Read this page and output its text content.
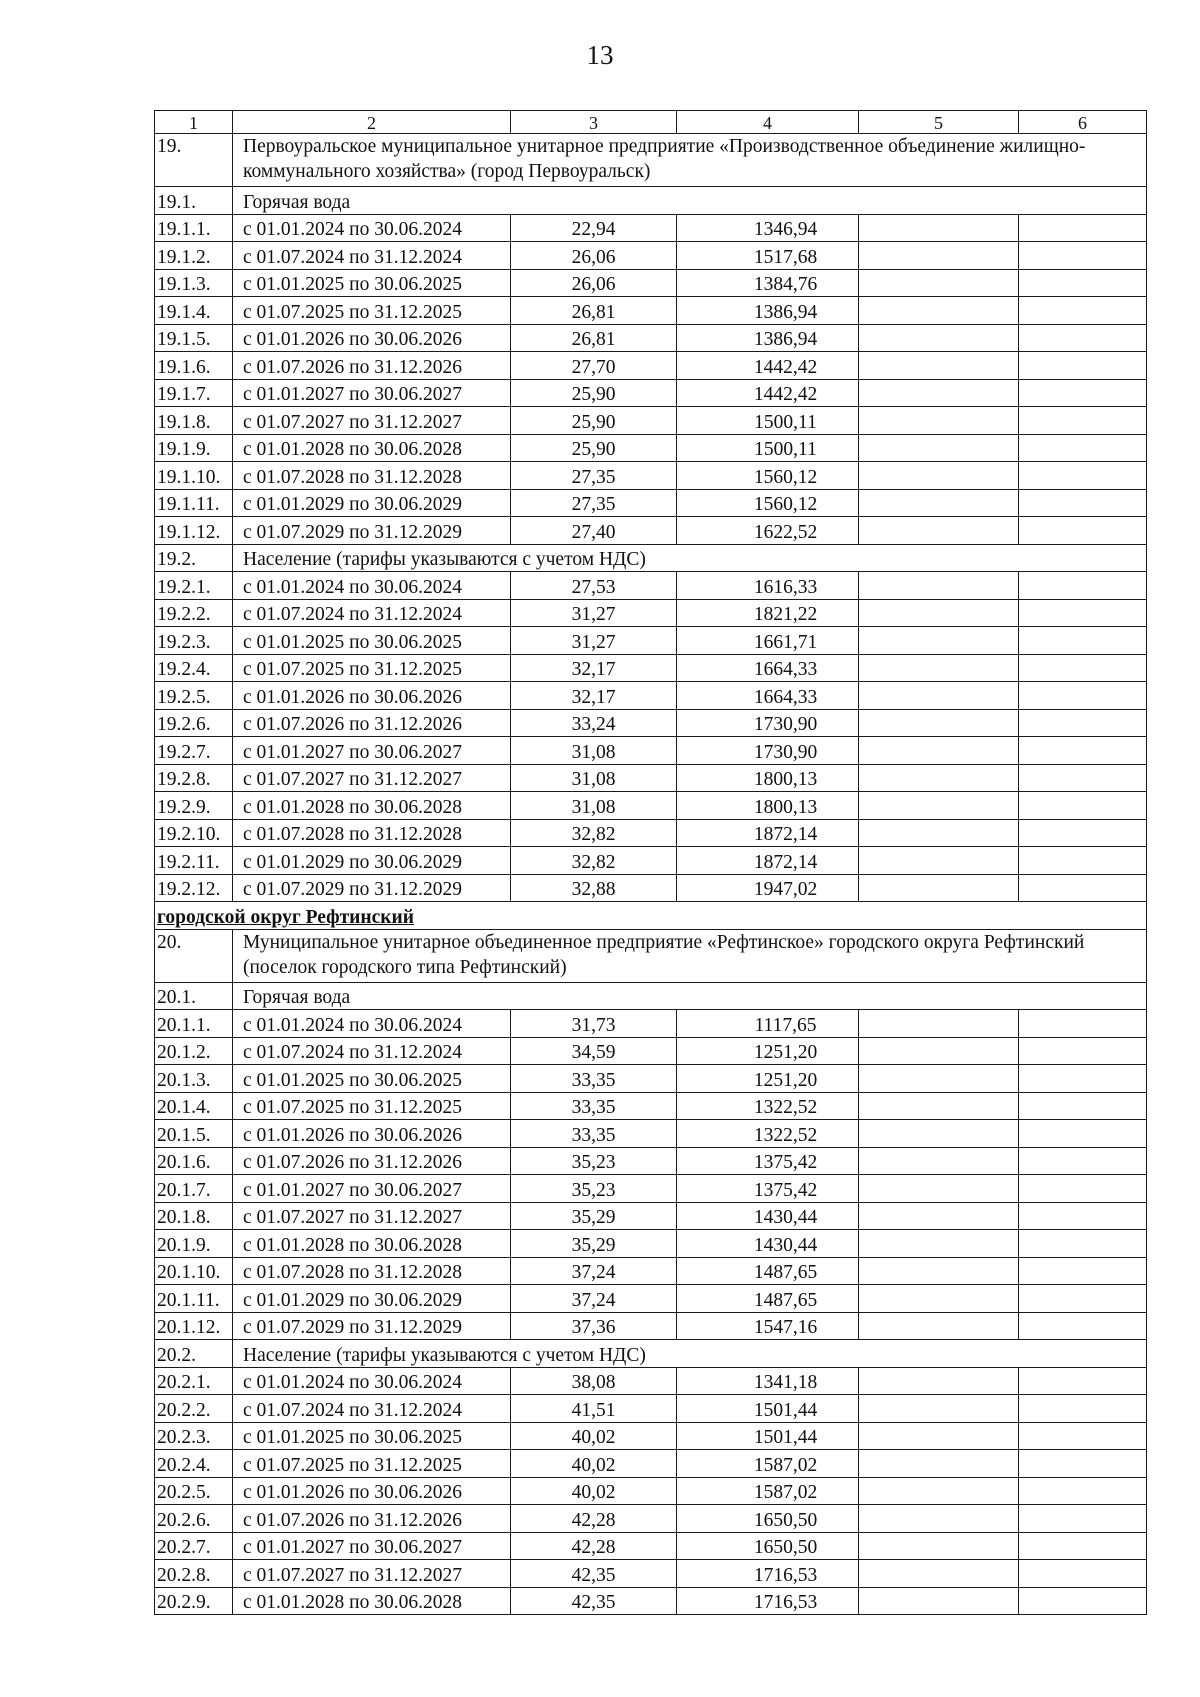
13
1	2	3	4	5	6
19.	Первоуральское муниципальное унитарное предприятие «Производственное объединение жилищно-коммунального хозяйства» (город Первоуральск)				
19.1.	Горячая вода				
19.1.1.	с 01.01.2024 по 30.06.2024	22,94	1346,94		
19.1.2.	с 01.07.2024 по 31.12.2024	26,06	1517,68		
19.1.3.	с 01.01.2025 по 30.06.2025	26,06	1384,76		
19.1.4.	с 01.07.2025 по 31.12.2025	26,81	1386,94		
19.1.5.	с 01.01.2026 по 30.06.2026	26,81	1386,94		
19.1.6.	с 01.07.2026 по 31.12.2026	27,70	1442,42		
19.1.7.	с 01.01.2027 по 30.06.2027	25,90	1442,42		
19.1.8.	с 01.07.2027 по 31.12.2027	25,90	1500,11		
19.1.9.	с 01.01.2028 по 30.06.2028	25,90	1500,11		
19.1.10.	с 01.07.2028 по 31.12.2028	27,35	1560,12		
19.1.11.	с 01.01.2029 по 30.06.2029	27,35	1560,12		
19.1.12.	с 01.07.2029 по 31.12.2029	27,40	1622,52		
19.2.	Население (тарифы указываются с учетом НДС)				
19.2.1.	с 01.01.2024 по 30.06.2024	27,53	1616,33		
19.2.2.	с 01.07.2024 по 31.12.2024	31,27	1821,22		
19.2.3.	с 01.01.2025 по 30.06.2025	31,27	1661,71		
19.2.4.	с 01.07.2025 по 31.12.2025	32,17	1664,33		
19.2.5.	с 01.01.2026 по 30.06.2026	32,17	1664,33		
19.2.6.	с 01.07.2026 по 31.12.2026	33,24	1730,90		
19.2.7.	с 01.01.2027 по 30.06.2027	31,08	1730,90		
19.2.8.	с 01.07.2027 по 31.12.2027	31,08	1800,13		
19.2.9.	с 01.01.2028 по 30.06.2028	31,08	1800,13		
19.2.10.	с 01.07.2028 по 31.12.2028	32,82	1872,14		
19.2.11.	с 01.01.2029 по 30.06.2029	32,82	1872,14		
19.2.12.	с 01.07.2029 по 31.12.2029	32,88	1947,02		
городской округ Рефтинский					
20.	Муниципальное унитарное объединенное предприятие «Рефтинское» городского округа Рефтинский (поселок городского типа Рефтинский)				
20.1.	Горячая вода				
20.1.1.	с 01.01.2024 по 30.06.2024	31,73	1117,65		
20.1.2.	с 01.07.2024 по 31.12.2024	34,59	1251,20		
20.1.3.	с 01.01.2025 по 30.06.2025	33,35	1251,20		
20.1.4.	с 01.07.2025 по 31.12.2025	33,35	1322,52		
20.1.5.	с 01.01.2026 по 30.06.2026	33,35	1322,52		
20.1.6.	с 01.07.2026 по 31.12.2026	35,23	1375,42		
20.1.7.	с 01.01.2027 по 30.06.2027	35,23	1375,42		
20.1.8.	с 01.07.2027 по 31.12.2027	35,29	1430,44		
20.1.9.	с 01.01.2028 по 30.06.2028	35,29	1430,44		
20.1.10.	с 01.07.2028 по 31.12.2028	37,24	1487,65		
20.1.11.	с 01.01.2029 по 30.06.2029	37,24	1487,65		
20.1.12.	с 01.07.2029 по 31.12.2029	37,36	1547,16		
20.2.	Население (тарифы указываются с учетом НДС)				
20.2.1.	с 01.01.2024 по 30.06.2024	38,08	1341,18		
20.2.2.	с 01.07.2024 по 31.12.2024	41,51	1501,44		
20.2.3.	с 01.01.2025 по 30.06.2025	40,02	1501,44		
20.2.4.	с 01.07.2025 по 31.12.2025	40,02	1587,02		
20.2.5.	с 01.01.2026 по 30.06.2026	40,02	1587,02		
20.2.6.	с 01.07.2026 по 31.12.2026	42,28	1650,50		
20.2.7.	с 01.01.2027 по 30.06.2027	42,28	1650,50		
20.2.8.	с 01.07.2027 по 31.12.2027	42,35	1716,53		
20.2.9.	с 01.01.2028 по 30.06.2028	42,35	1716,53		
